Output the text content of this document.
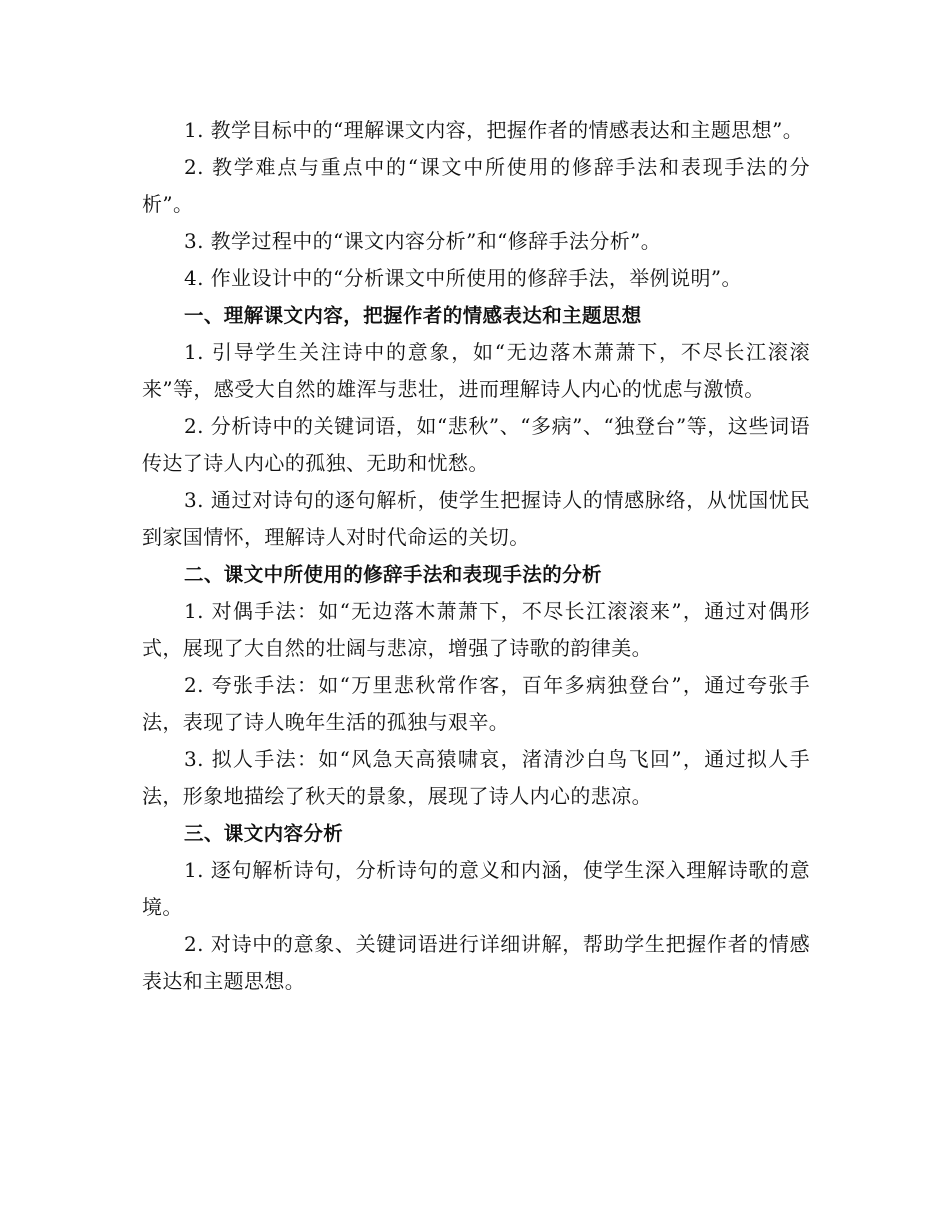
1. 教学目标中的“理解课文内容，把握作者的情感表达和主题思想”。

2. 教学难点与重点中的“课文中所使用的修辞手法和表现手法的分析”。

3. 教学过程中的“课文内容分析”和“修辞手法分析”。

4. 作业设计中的“分析课文中所使用的修辞手法，举例说明”。

一、理解课文内容，把握作者的情感表达和主题思想

1. 引导学生关注诗中的意象，如“无边落木萧萧下，不尽长江滚滚来”等，感受大自然的雄浑与悲壮，进而理解诗人内心的忧虑与激愤。

2. 分析诗中的关键词语，如“悲秋”、“多病”、“独登台”等，这些词语传达了诗人内心的孤独、无助和忧愁。

3. 通过对诗句的逐句解析，使学生把握诗人的情感脉络，从忧国忧民到家国情怀，理解诗人对时代命运的关切。

二、课文中所使用的修辞手法和表现手法的分析

1. 对偶手法：如“无边落木萧萧下，不尽长江滚滚来”，通过对偶形式，展现了大自然的壮阔与悲凉，增强了诗歌的韵律美。

2. 夸张手法：如“万里悲秋常作客，百年多病独登台”，通过夸张手法，表现了诗人晚年生活的孤独与艰辛。

3. 拟人手法：如“风急天高猿啸哀，渚清沙白鸟飞回”，通过拟人手法，形象地描绘了秋天的景象，展现了诗人内心的悲凉。

三、课文内容分析

1. 逐句解析诗句，分析诗句的意义和内涵，使学生深入理解诗歌的意境。

2. 对诗中的意象、关键词语进行详细讲解，帮助学生把握作者的情感表达和主题思想。
